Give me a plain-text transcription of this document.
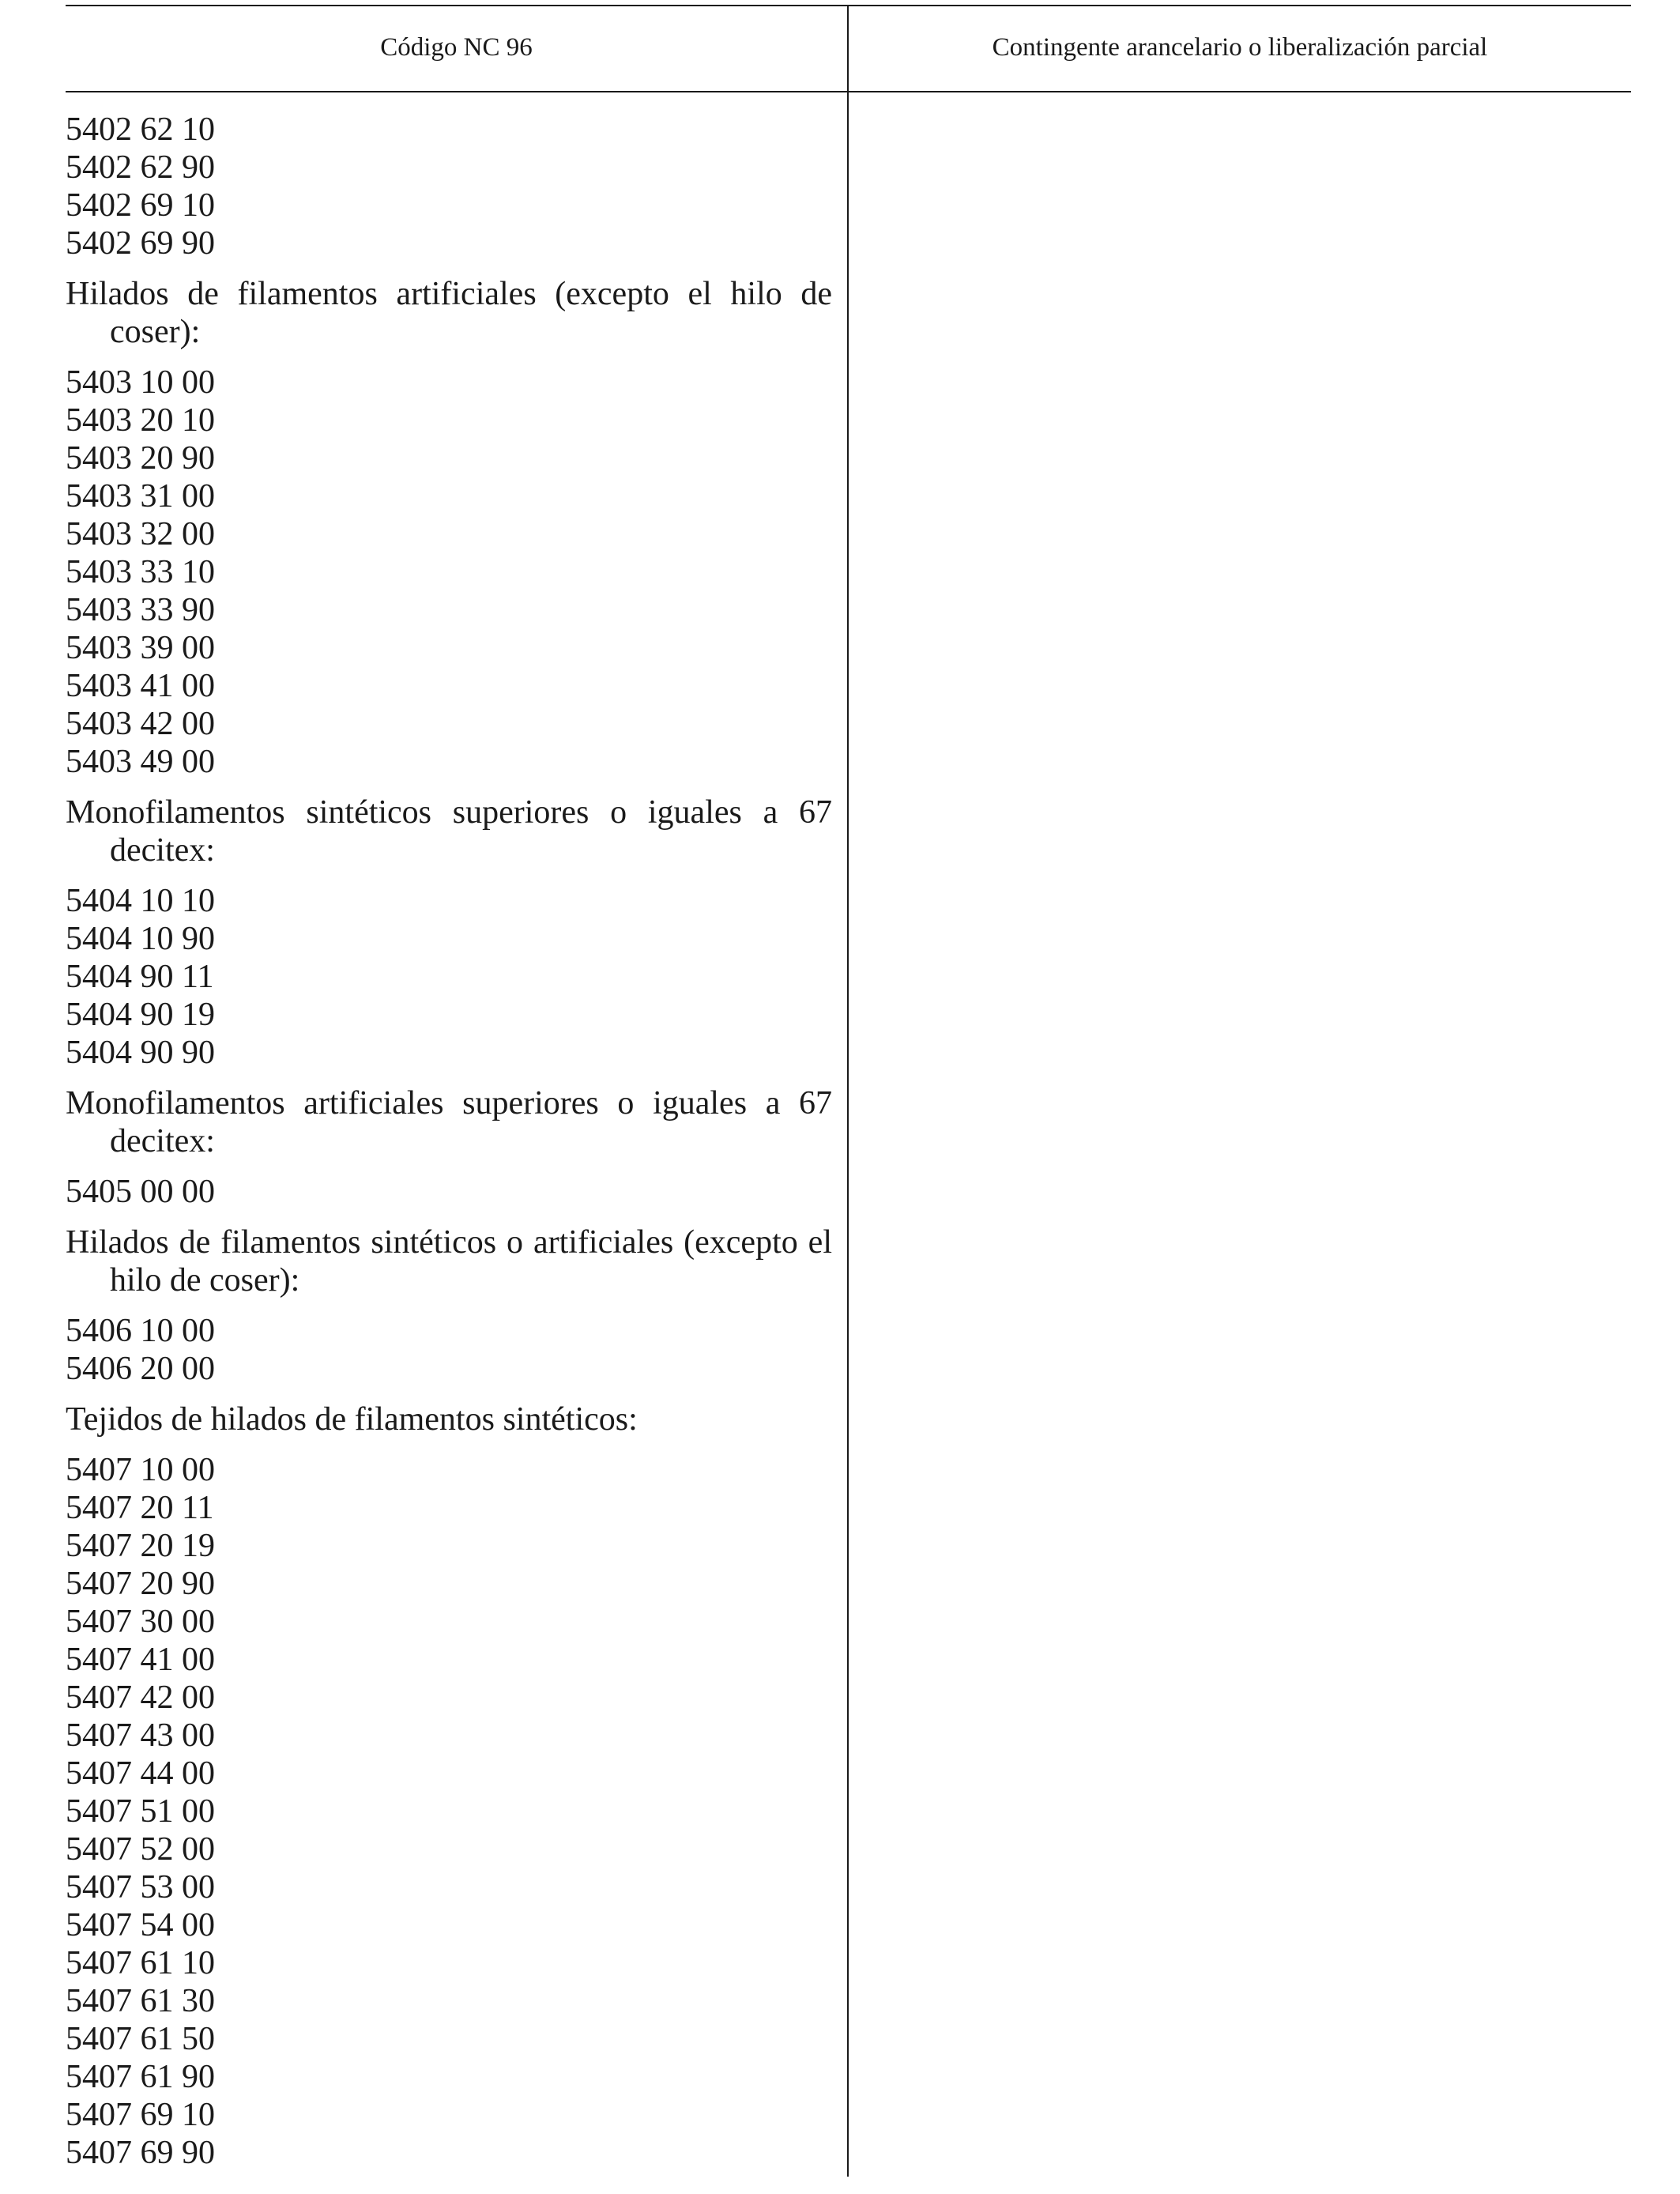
Código NC 96	Contingente arancelario o liberalización parcial
5402 62 10
5402 62 90
5402 69 10
5402 69 90
Hilados de filamentos artificiales (excepto el hilo de coser):
5403 10 00
5403 20 10
5403 20 90
5403 31 00
5403 32 00
5403 33 10
5403 33 90
5403 39 00
5403 41 00
5403 42 00
5403 49 00
Monofilamentos sintéticos superiores o iguales a 67 decitex:
5404 10 10
5404 10 90
5404 90 11
5404 90 19
5404 90 90
Monofilamentos artificiales superiores o iguales a 67 decitex:
5405 00 00
Hilados de filamentos sintéticos o artificiales (excepto el hilo de coser):
5406 10 00
5406 20 00
Tejidos de hilados de filamentos sintéticos:
5407 10 00
5407 20 11
5407 20 19
5407 20 90
5407 30 00
5407 41 00
5407 42 00
5407 43 00
5407 44 00
5407 51 00
5407 52 00
5407 53 00
5407 54 00
5407 61 10
5407 61 30
5407 61 50
5407 61 90
5407 69 10
5407 69 90
